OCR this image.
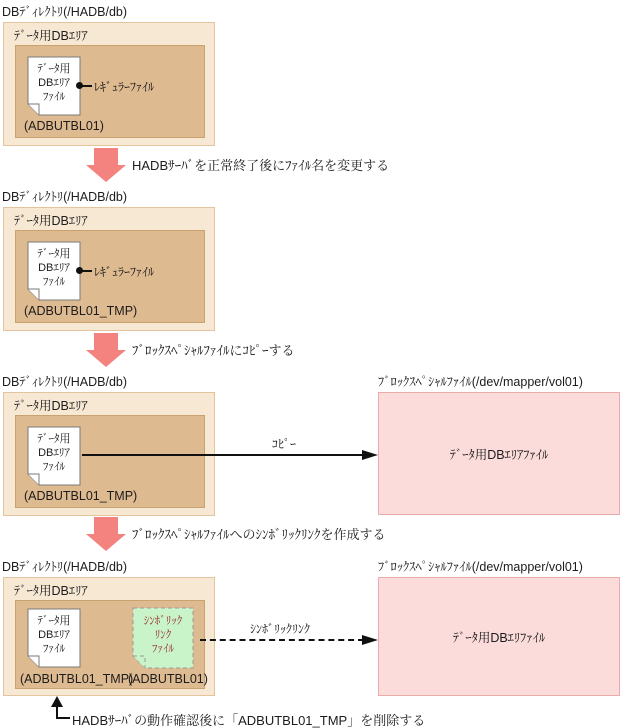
DBﾃﾞｨﾚｸﾄﾘ(/HADB/db)
ﾃﾞｰﾀ用DBｴﾘｱ
ﾃﾞｰﾀ用
DBｴﾘｱ
ﾌｧｲﾙ
ﾚｷﾞｭﾗｰﾌｧｲﾙ
(ADBUTBL01)
HADBｻｰﾊﾞを正常終了後にﾌｧｲﾙ名を変更する
DBﾃﾞｨﾚｸﾄﾘ(/HADB/db)
ﾃﾞｰﾀ用DBｴﾘｱ
ﾃﾞｰﾀ用
DBｴﾘｱ
ﾌｧｲﾙ
ﾚｷﾞｭﾗｰﾌｧｲﾙ
(ADBUTBL01_TMP)
ﾌﾞﾛｯｸｽﾍﾟｼｬﾙﾌｧｲﾙにｺﾋﾟｰする
DBﾃﾞｨﾚｸﾄﾘ(/HADB/db)	ﾌﾞﾛｯｸｽﾍﾟｼｬﾙﾌｧｲﾙ(/dev/mapper/vol01)
ﾃﾞｰﾀ用DBｴﾘｱ
ﾃﾞｰﾀ用
DBｴﾘｱ
ﾌｧｲﾙ
(ADBUTBL01_TMP)
ﾃﾞｰﾀ用DBｴﾘｱﾌｧｲﾙ
ｺﾋﾟｰ
ﾌﾞﾛｯｸｽﾍﾟｼｬﾙﾌｧｲﾙへのｼﾝﾎﾞﾘｯｸﾘﾝｸを作成する
DBﾃﾞｨﾚｸﾄﾘ(/HADB/db)	ﾌﾞﾛｯｸｽﾍﾟｼｬﾙﾌｧｲﾙ(/dev/mapper/vol01)
ﾃﾞｰﾀ用DBｴﾘｱ
ﾃﾞｰﾀ用
DBｴﾘｱ
ﾌｧｲﾙ
ｼﾝﾎﾞﾘｯｸ
ﾘﾝｸ
ﾌｧｲﾙ
(ADBUTBL01_TMP)
(ADBUTBL01)
ﾃﾞｰﾀ用DBｴﾘﾌｧｲﾙ
ｼﾝﾎﾞﾘｯｸﾘﾝｸ
HADBｻｰﾊﾞの動作確認後に「ADBUTBL01_TMP」を削除する
